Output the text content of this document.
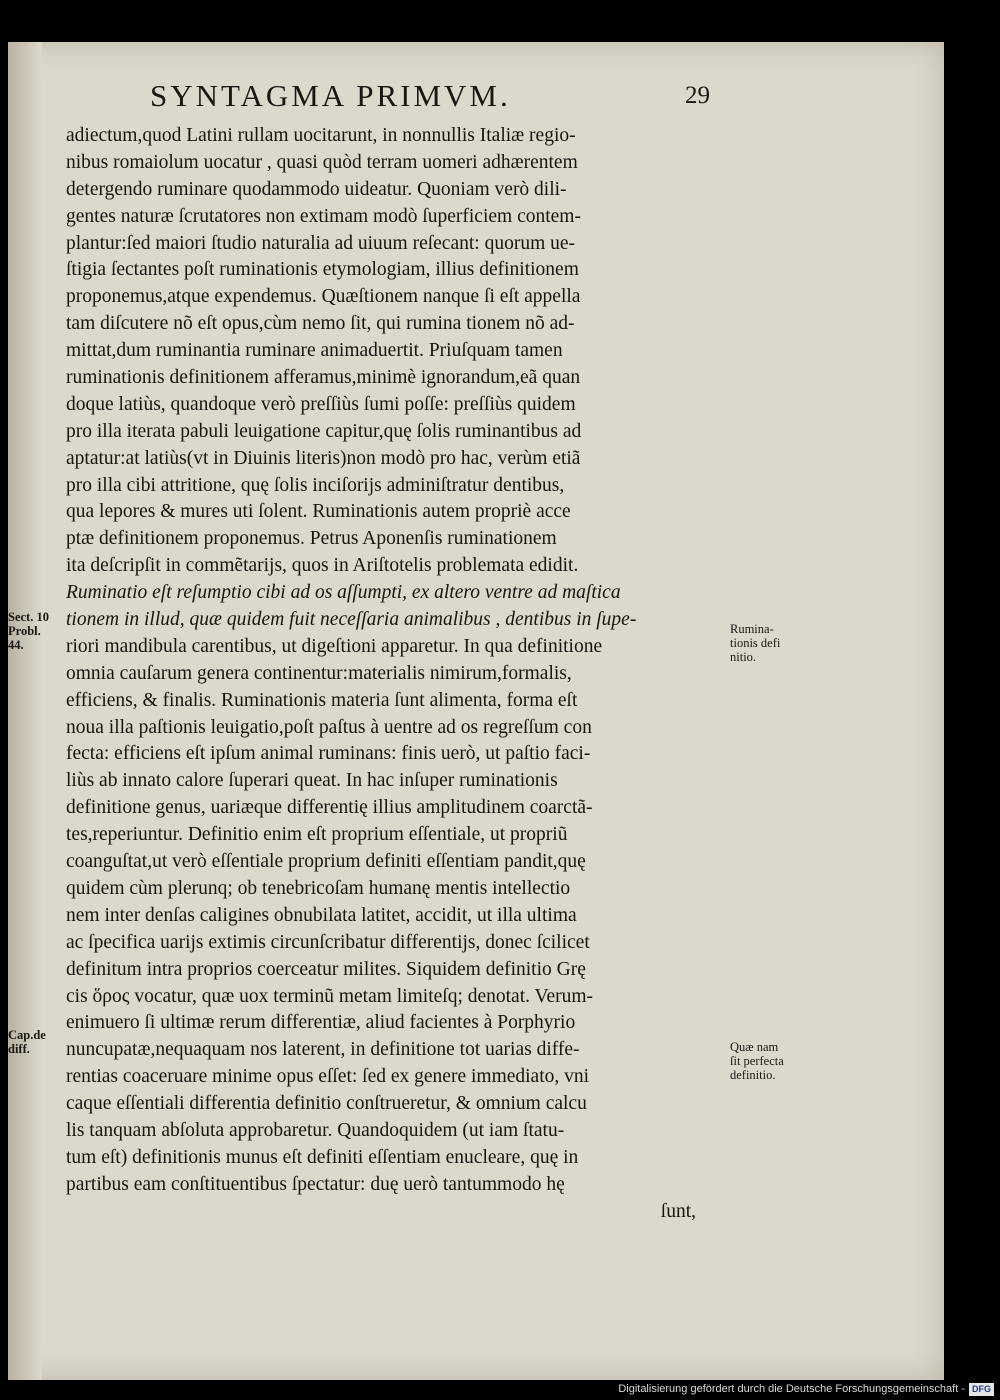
SYNTAGMA PRIMVM.	29
adiectum,quod Latini rullam uocitarunt, in nonnullis Italiæ regio-
nibus romaiolum uocatur , quasi quòd terram uomeri adhærentem
detergendo ruminare quodammodo uideatur. Quoniam verò dili-
gentes naturæ ſcrutatores non extimam modò ſuperficiem contem-
plantur:ſed maiori ſtudio naturalia ad uiuum reſecant: quorum ue-
ſtigia ſectantes poſt ruminationis etymologiam, illius definitionem
proponemus,atque expendemus. Quæſtionem nanque ſi eſt appella
tam diſcutere nõ eſt opus,cùm nemo ſit, qui rumina tionem nõ ad-
mittat,dum ruminantia ruminare animaduertit. Priuſquam tamen
ruminationis definitionem afferamus,minimè ignorandum,eã quan
doque latiùs, quandoque verò preſſiùs ſumi poſſe: preſſiùs quidem
pro illa iterata pabuli leuigatione capitur,quę ſolis ruminantibus ad
aptatur:at latiùs(vt in Diuinis literis)non modò pro hac, verùm etiã
pro illa cibi attritione, quę ſolis inciſorijs adminiſtratur dentibus,
qua lepores & mures uti ſolent. Ruminationis autem propriè acce
ptæ definitionem proponemus. Petrus Aponenſis ruminationem
ita deſcripſit in commẽtarijs, quos in Ariſtotelis problemata edidit.
Ruminatio eſt reſumptio cibi ad os aſſumpti, ex altero ventre ad maſtica
tionem in illud, quæ quidem fuit neceſſaria animalibus , dentibus in ſupe-
riori mandibula carentibus, ut digeſtioni apparetur. In qua definitione
omnia cauſarum genera continentur:materialis nimirum,formalis,
efficiens, & finalis. Ruminationis materia ſunt alimenta, forma eſt
noua illa paſtionis leuigatio,poſt paſtus à uentre ad os regreſſum con
fecta: efficiens eſt ipſum animal ruminans: finis uerò, ut paſtio faci-
liùs ab innato calore ſuperari queat. In hac inſuper ruminationis
definitione genus, uariæque differentię illius amplitudinem coarctã-
tes,reperiuntur. Definitio enim eſt proprium eſſentiale, ut propriũ
coanguſtat,ut verò eſſentiale proprium definiti eſſentiam pandit,quę
quidem cùm plerunq; ob tenebricoſam humanę mentis intellectio
nem inter denſas caligines obnubilata latitet, accidit, ut illa ultima
ac ſpecifica uarijs extimis circunſcribatur differentijs, donec ſcilicet
definitum intra proprios coerceatur milites. Siquidem definitio Grę
cis ὅρος vocatur, quæ uox terminũ metam limiteſq; denotat. Verum-
enimuero ſi ultimæ rerum differentiæ, aliud facientes à Porphyrio
nuncupatæ,nequaquam nos laterent, in definitione tot uarias diffe-
rentias coaceruare minime opus eſſet: ſed ex genere immediato, vni
caque eſſentiali differentia definitio conſtrueretur, & omnium calcu
lis tanquam abſoluta approbaretur. Quandoquidem (ut iam ſtatu-
tum eſt) definitionis munus eſt definiti eſſentiam enucleare, quę in
partibus eam conſtituentibus ſpectatur: duę uerò tantummodo hę
ſunt,
Sect. 10
Probl.
44.
Cap.de
diff.
Rumina-
tionis defi
nitio.
Quæ nam
ſit perfecta
definitio.
Digitalisierung gefördert durch die Deutsche Forschungsgemeinschaft - DFG
